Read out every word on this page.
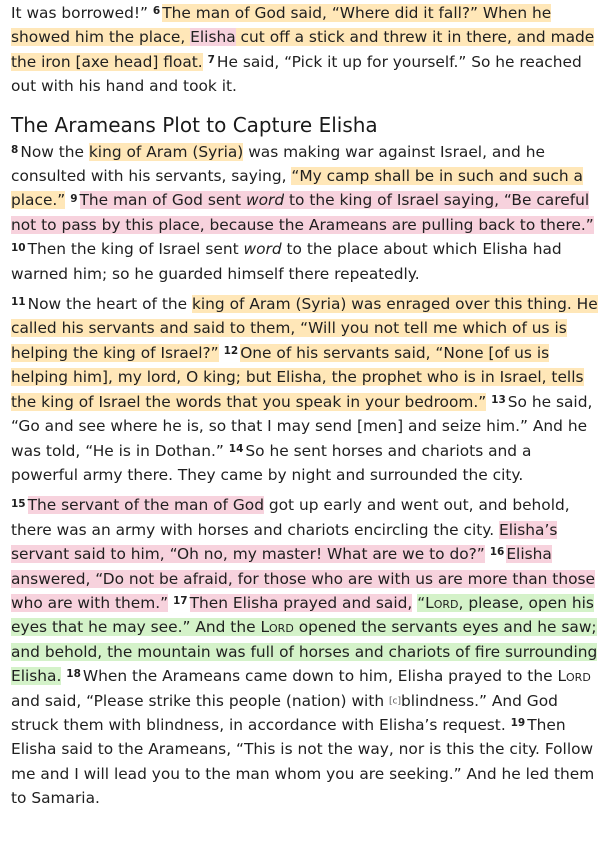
It was borrowed!” $^6$ The man of God said, “Where did it fall?” When he showed him the place, Elisha cut off a stick and threw it in there, and made the iron [axe head] float. $^7$ He said, “Pick it up for yourself.” So he reached out with his hand and took it.

The Arameans Plot to Capture Elisha

$^8$ Now the king of Aram (Syria) was making war against Israel, and he consulted with his servants, saying, “My camp shall be in such and such a place.” $^9$ The man of God sent word to the king of Israel saying, “Be careful not to pass by this place, because the Arameans are pulling back to there.” $^{10}$ Then the king of Israel sent word to the place about which Elisha had warned him; so he guarded himself there repeatedly.

$^{11}$ Now the heart of the king of Aram (Syria) was enraged over this thing. He called his servants and said to them, “Will you not tell me which of us is helping the king of Israel?” $^{12}$ One of his servants said, “None [of us is helping him], my lord, O king; but Elisha, the prophet who is in Israel, tells the king of Israel the words that you speak in your bedroom.” $^{13}$ So he said, “Go and see where he is, so that I may send [men] and seize him.” And he was told, “He is in Dothan.” $^{14}$ So he sent horses and chariots and a powerful army there. They came by night and surrounded the city.

$^{15}$ The servant of the man of God got up early and went out, and behold, there was an army with horses and chariots encircling the city. Elisha’s servant said to him, “Oh no, my master! What are we to do?” $^{16}$ Elisha answered, “Do not be afraid, for those who are with us are more than those who are with them.” $^{17}$ Then Elisha prayed and said, “Lord, please, open his eyes that he may see.” And the Lord opened the servants eyes and he saw; and behold, the mountain was full of horses and chariots of fire surrounding Elisha. $^{18}$ When the Arameans came down to him, Elisha prayed to the Lord and said, “Please strike this people (nation) with [c]blindness.” And God struck them with blindness, in accordance with Elisha’s request. $^{19}$ Then Elisha said to the Arameans, “This is not the way, nor is this the city. Follow me and I will lead you to the man whom you are seeking.” And he led them to Samaria.
